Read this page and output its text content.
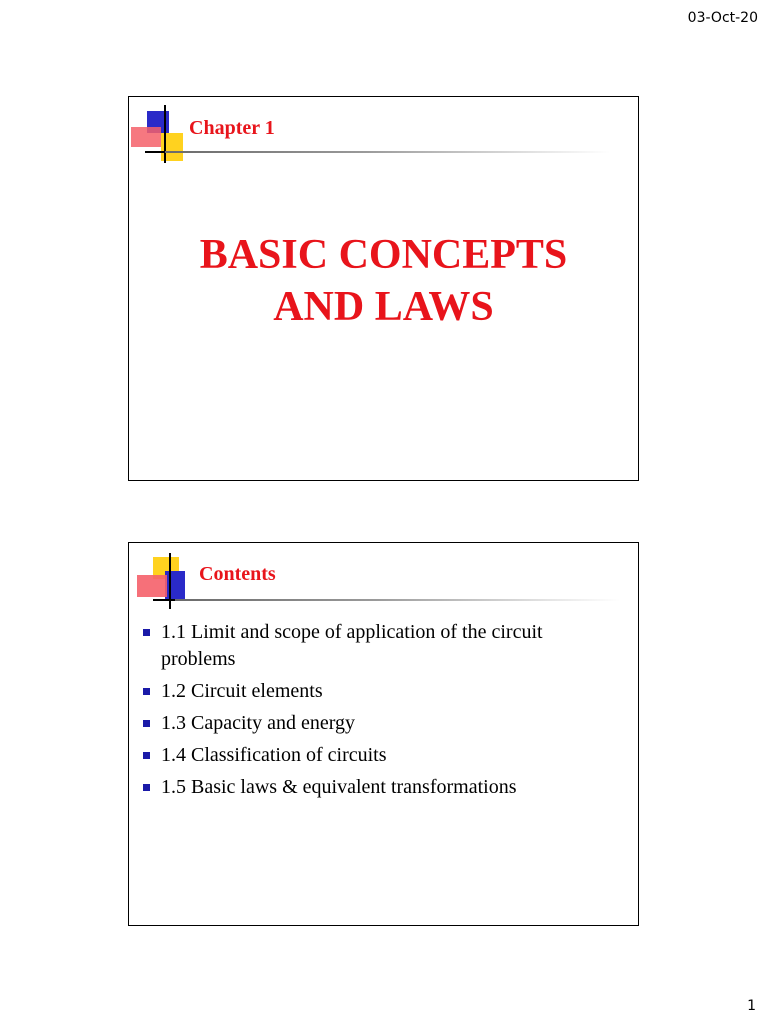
03-Oct-20
Chapter 1
BASIC CONCEPTS
AND LAWS
Contents
1.1 Limit and scope of application of the circuit problems
1.2 Circuit elements
1.3 Capacity and energy
1.4 Classification of circuits
1.5 Basic laws & equivalent transformations
1
